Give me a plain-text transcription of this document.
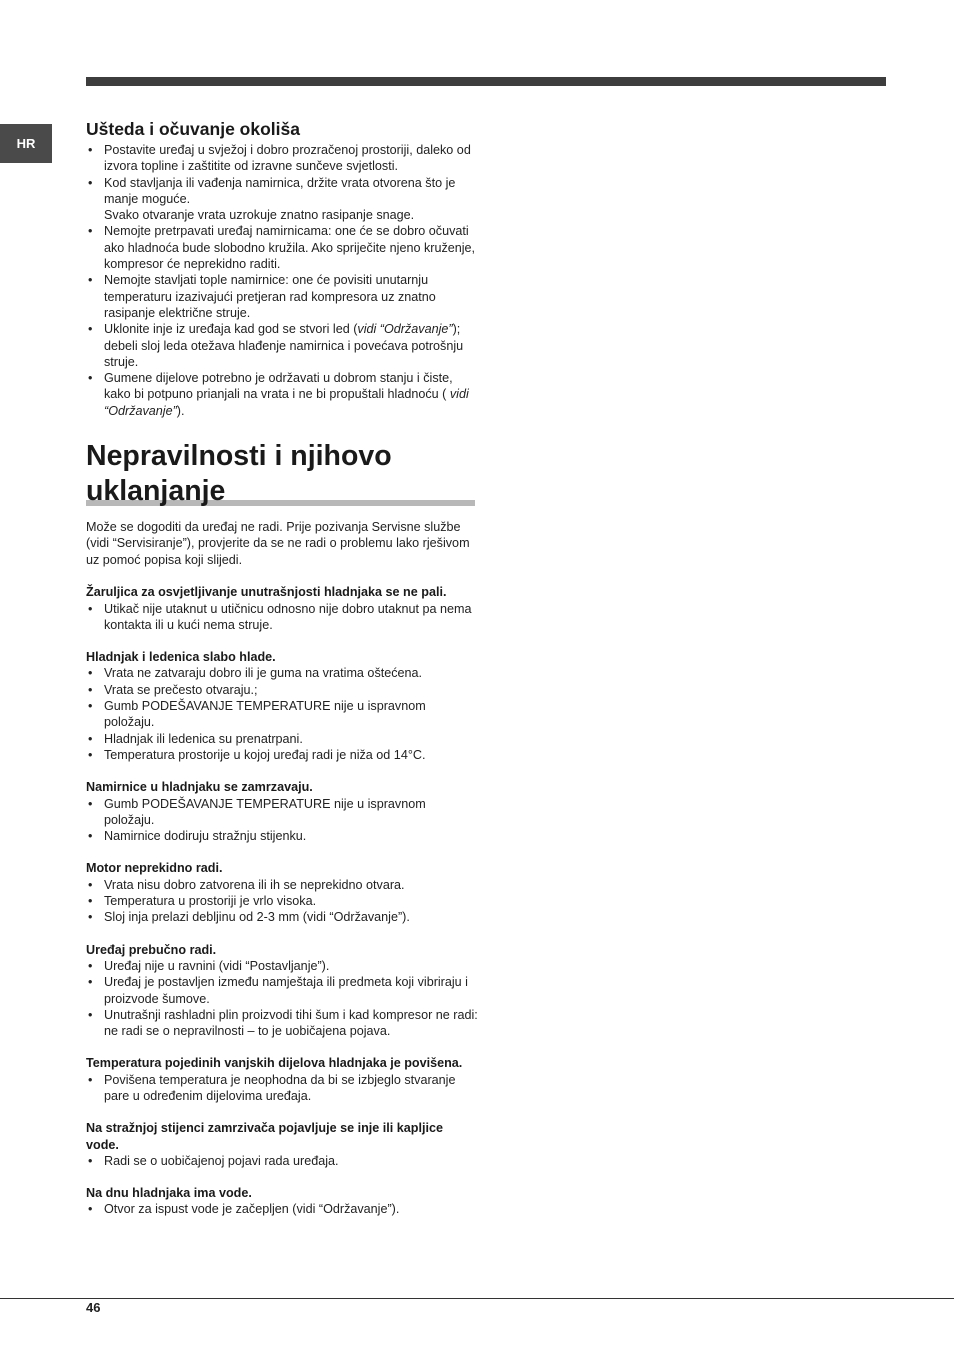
HR
Ušteda i očuvanje okoliša
• Postavite uređaj u svježoj i dobro prozračenoj prostoriji, daleko od izvora topline i zaštitite od izravne sunčeve svjetlosti.
• Kod stavljanja ili vađenja namirnica, držite vrata otvorena što je manje moguće.
Svako otvaranje vrata uzrokuje znatno rasipanje snage.
• Nemojte pretrpavati uređaj namirnicama: one će se dobro očuvati ako hladnoća bude slobodno kružila. Ako spriječite njeno kruženje, kompresor će neprekidno raditi.
• Nemojte stavljati tople namirnice: one će povisiti unutarnju temperaturu izazivajući pretjeran rad kompresora uz znatno rasipanje električne struje.
• Uklonite inje iz uređaja kad god se stvori led (vidi “Održavanje”); debeli sloj leda otežava hlađenje namirnica i povećava potrošnju struje.
• Gumene dijelove potrebno je održavati u dobrom stanju i čiste, kako bi potpuno prianjali na vrata i ne bi propuštali hladnoću ( vidi “Održavanje”).
Nepravilnosti i njihovo uklanjanje

Može se dogoditi da uređaj ne radi. Prije pozivanja Servisne službe (vidi “Servisiranje”), provjerite da se ne radi o problemu lako rješivom uz pomoć popisa koji slijedi.

Žaruljica za osvjetljivanje unutrašnjosti hladnjaka se ne pali.
• Utikač nije utaknut u utičnicu odnosno nije dobro utaknut pa nema kontakta ili u kući nema struje.
Hladnjak i ledenica slabo hlade.
• Vrata ne zatvaraju dobro ili je guma na vratima oštećena.
• Vrata se prečesto otvaraju.;
• Gumb PODEŠAVANJE TEMPERATURE nije u ispravnom položaju.
• Hladnjak ili ledenica su prenatrpani.
• Temperatura prostorije u kojoj uređaj radi je niža od 14°C.
Namirnice u hladnjaku se zamrzavaju.
• Gumb PODEŠAVANJE TEMPERATURE nije u ispravnom položaju.
• Namirnice dodiruju stražnju stijenku.
Motor neprekidno radi.
• Vrata nisu dobro zatvorena ili ih se neprekidno otvara.
• Temperatura u prostoriji je vrlo visoka.
• Sloj inja prelazi debljinu od 2-3 mm (vidi “Održavanje”).
Uređaj prebučno radi.
• Uređaj nije u ravnini (vidi “Postavljanje”).
• Uređaj je postavljen između namještaja ili predmeta koji vibriraju i proizvode šumove.
• Unutrašnji rashladni plin proizvodi tihi šum i kad kompresor ne radi: ne radi se o nepravilnosti – to je uobičajena pojava.
Temperatura pojedinih vanjskih dijelova hladnjaka je povišena.
• Povišena temperatura je neophodna da bi se izbjeglo stvaranje pare u određenim dijelovima uređaja.
Na stražnjoj stijenci zamrzivača pojavljuje se inje ili kapljice vode.
• Radi se o uobičajenoj pojavi rada uređaja.
Na dnu hladnjaka ima vode.
• Otvor za ispust vode je začepljen (vidi “Održavanje”).
46
